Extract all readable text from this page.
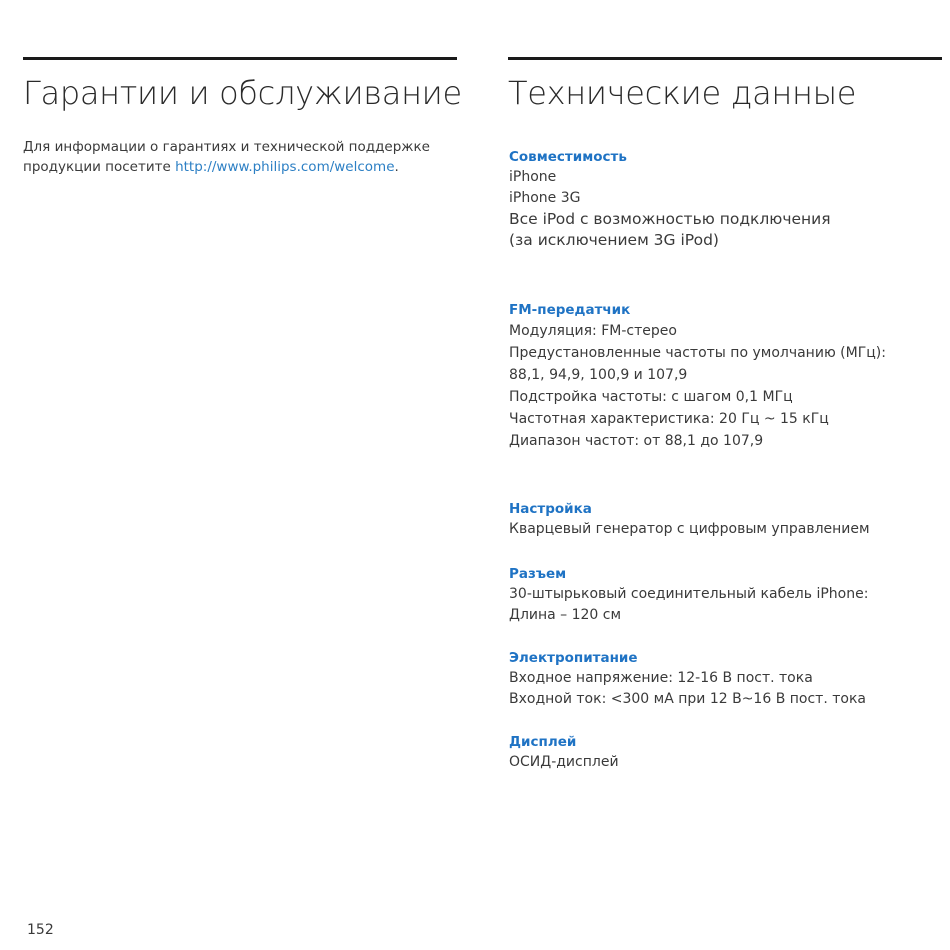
Гарантии и обслуживание

Для информации о гарантиях и технической поддержке продукции посетите http://www.philips.com/welcome.

Технические данные

Совместимость

iPhone

iPhone 3G

Все iPod с возможностью подключения

(за исключением 3G iPod)

FM-передатчик

Модуляция: FM-стерео

Предустановленные частоты по умолчанию (МГц): 88,1, 94,9, 100,9 и 107,9

Подстройка частоты: с шагом 0,1 МГц

Частотная характеристика: 20 Гц ~ 15 кГц

Диапазон частот: от 88,1 до 107,9

Настройка

Кварцевый генератор с цифровым управлением

Разъем

30-штырьковый соединительный кабель iPhone: Длина – 120 см

Электропитание

Входное напряжение: 12-16 В пост. тока

Входной ток: <300 мА при 12 В~16 В пост. тока

Дисплей

ОСИД-дисплей

152
